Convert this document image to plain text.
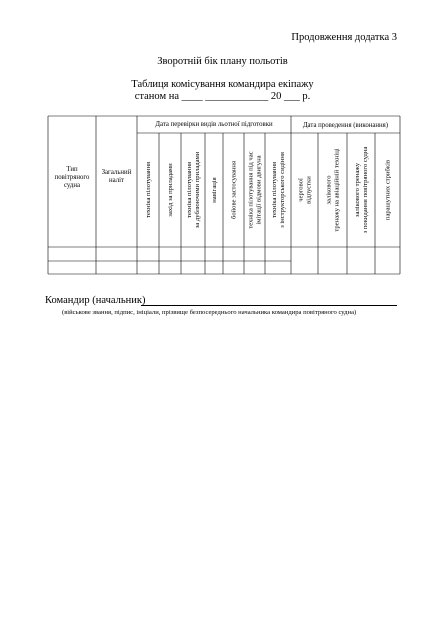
Продовження додатка 3
Зворотній бік плану польотів
Таблиця комісування командира екіпажу
станом на ____ ____________ 20 ___ р.
Тип
повітряного
судна
Загальний
наліт
Дата перевірки видів льотної підготовки	Дата проведення (виконання)
техніка пілотування захід за приладами техніка пілотування за дублюючими приладами навігація бойове застосування техніка пілотування під час імітації відмови двигуна техніка пілотування з інструкторського сидіння чергової відпустки залікового тренажу на авіаційній техніці залікового тренажу з покидання повітряного судна парашутних стрибків
Командир (начальник)
(військове звання, підпис, ініціали, прізвище безпосереднього начальника командира повітряного судна)
